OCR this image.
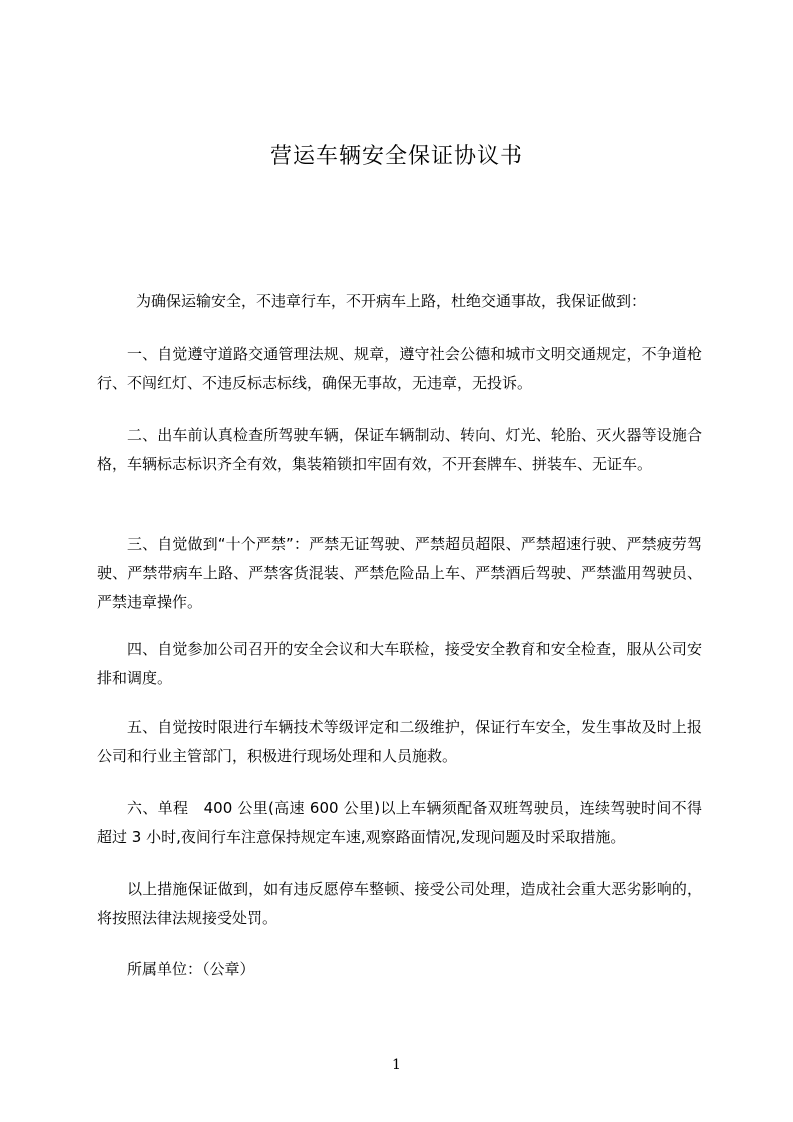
营运车辆安全保证协议书

为确保运输安全，不违章行车，不开病车上路，杜绝交通事故，我保证做到：

一、自觉遵守道路交通管理法规、规章，遵守社会公德和城市文明交通规定，不争道枪行、不闯红灯、不违反标志标线，确保无事故，无违章，无投诉。

二、出车前认真检查所驾驶车辆，保证车辆制动、转向、灯光、轮胎、灭火器等设施合格，车辆标志标识齐全有效，集装箱锁扣牢固有效，不开套牌车、拼装车、无证车。

三、自觉做到“十个严禁”：严禁无证驾驶、严禁超员超限、严禁超速行驶、严禁疲劳驾驶、严禁带病车上路、严禁客货混装、严禁危险品上车、严禁酒后驾驶、严禁滥用驾驶员、严禁违章操作。

四、自觉参加公司召开的安全会议和大车联检，接受安全教育和安全检查，服从公司安排和调度。

五、自觉按时限进行车辆技术等级评定和二级维护，保证行车安全，发生事故及时上报公司和行业主管部门，积极进行现场处理和人员施救。

六、单程　400 公里(高速 600 公里)以上车辆须配备双班驾驶员，连续驾驶时间不得超过 3 小时,夜间行车注意保持规定车速,观察路面情况,发现问题及时采取措施。

以上措施保证做到，如有违反愿停车整顿、接受公司处理，造成社会重大恶劣影响的，将按照法律法规接受处罚。

所属单位：（公章）

1
